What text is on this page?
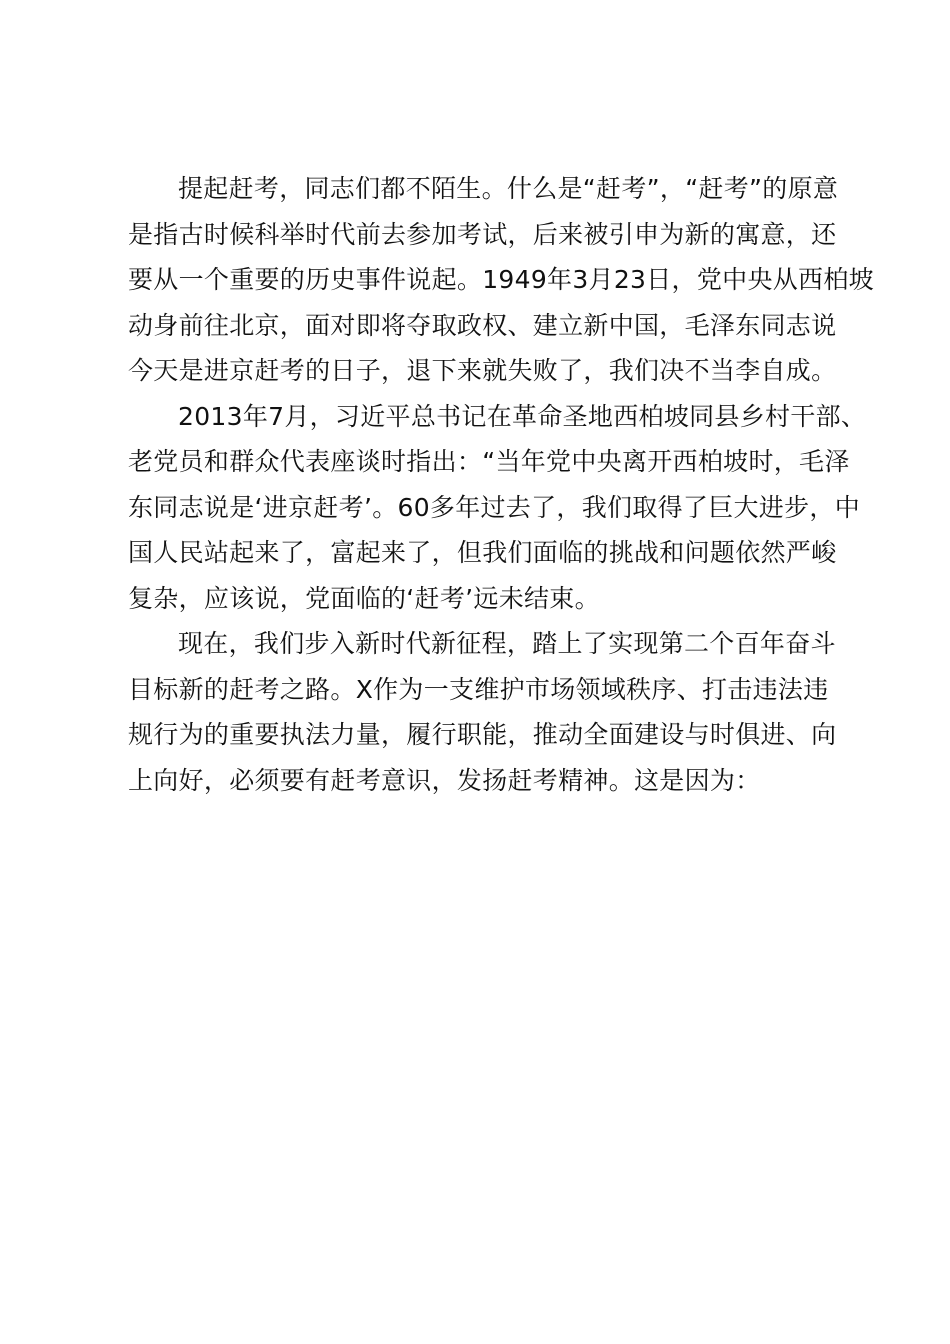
提起赶考，同志们都不陌生。什么是“赶考”，“赶考”的原意
是指古时候科举时代前去参加考试，后来被引申为新的寓意，还
要从一个重要的历史事件说起。1949年3月23日，党中央从西柏坡
动身前往北京，面对即将夺取政权、建立新中国，毛泽东同志说
今天是进京赶考的日子，退下来就失败了，我们决不当李自成。
2013年7月，习近平总书记在革命圣地西柏坡同县乡村干部、
老党员和群众代表座谈时指出：“当年党中央离开西柏坡时，毛泽
东同志说是‘进京赶考’。60多年过去了，我们取得了巨大进步，中
国人民站起来了，富起来了，但我们面临的挑战和问题依然严峻
复杂，应该说，党面临的‘赶考’远未结束。
现在，我们步入新时代新征程，踏上了实现第二个百年奋斗
目标新的赶考之路。X作为一支维护市场领域秩序、打击违法违
规行为的重要执法力量，履行职能，推动全面建设与时俱进、向
上向好，必须要有赶考意识，发扬赶考精神。这是因为：
